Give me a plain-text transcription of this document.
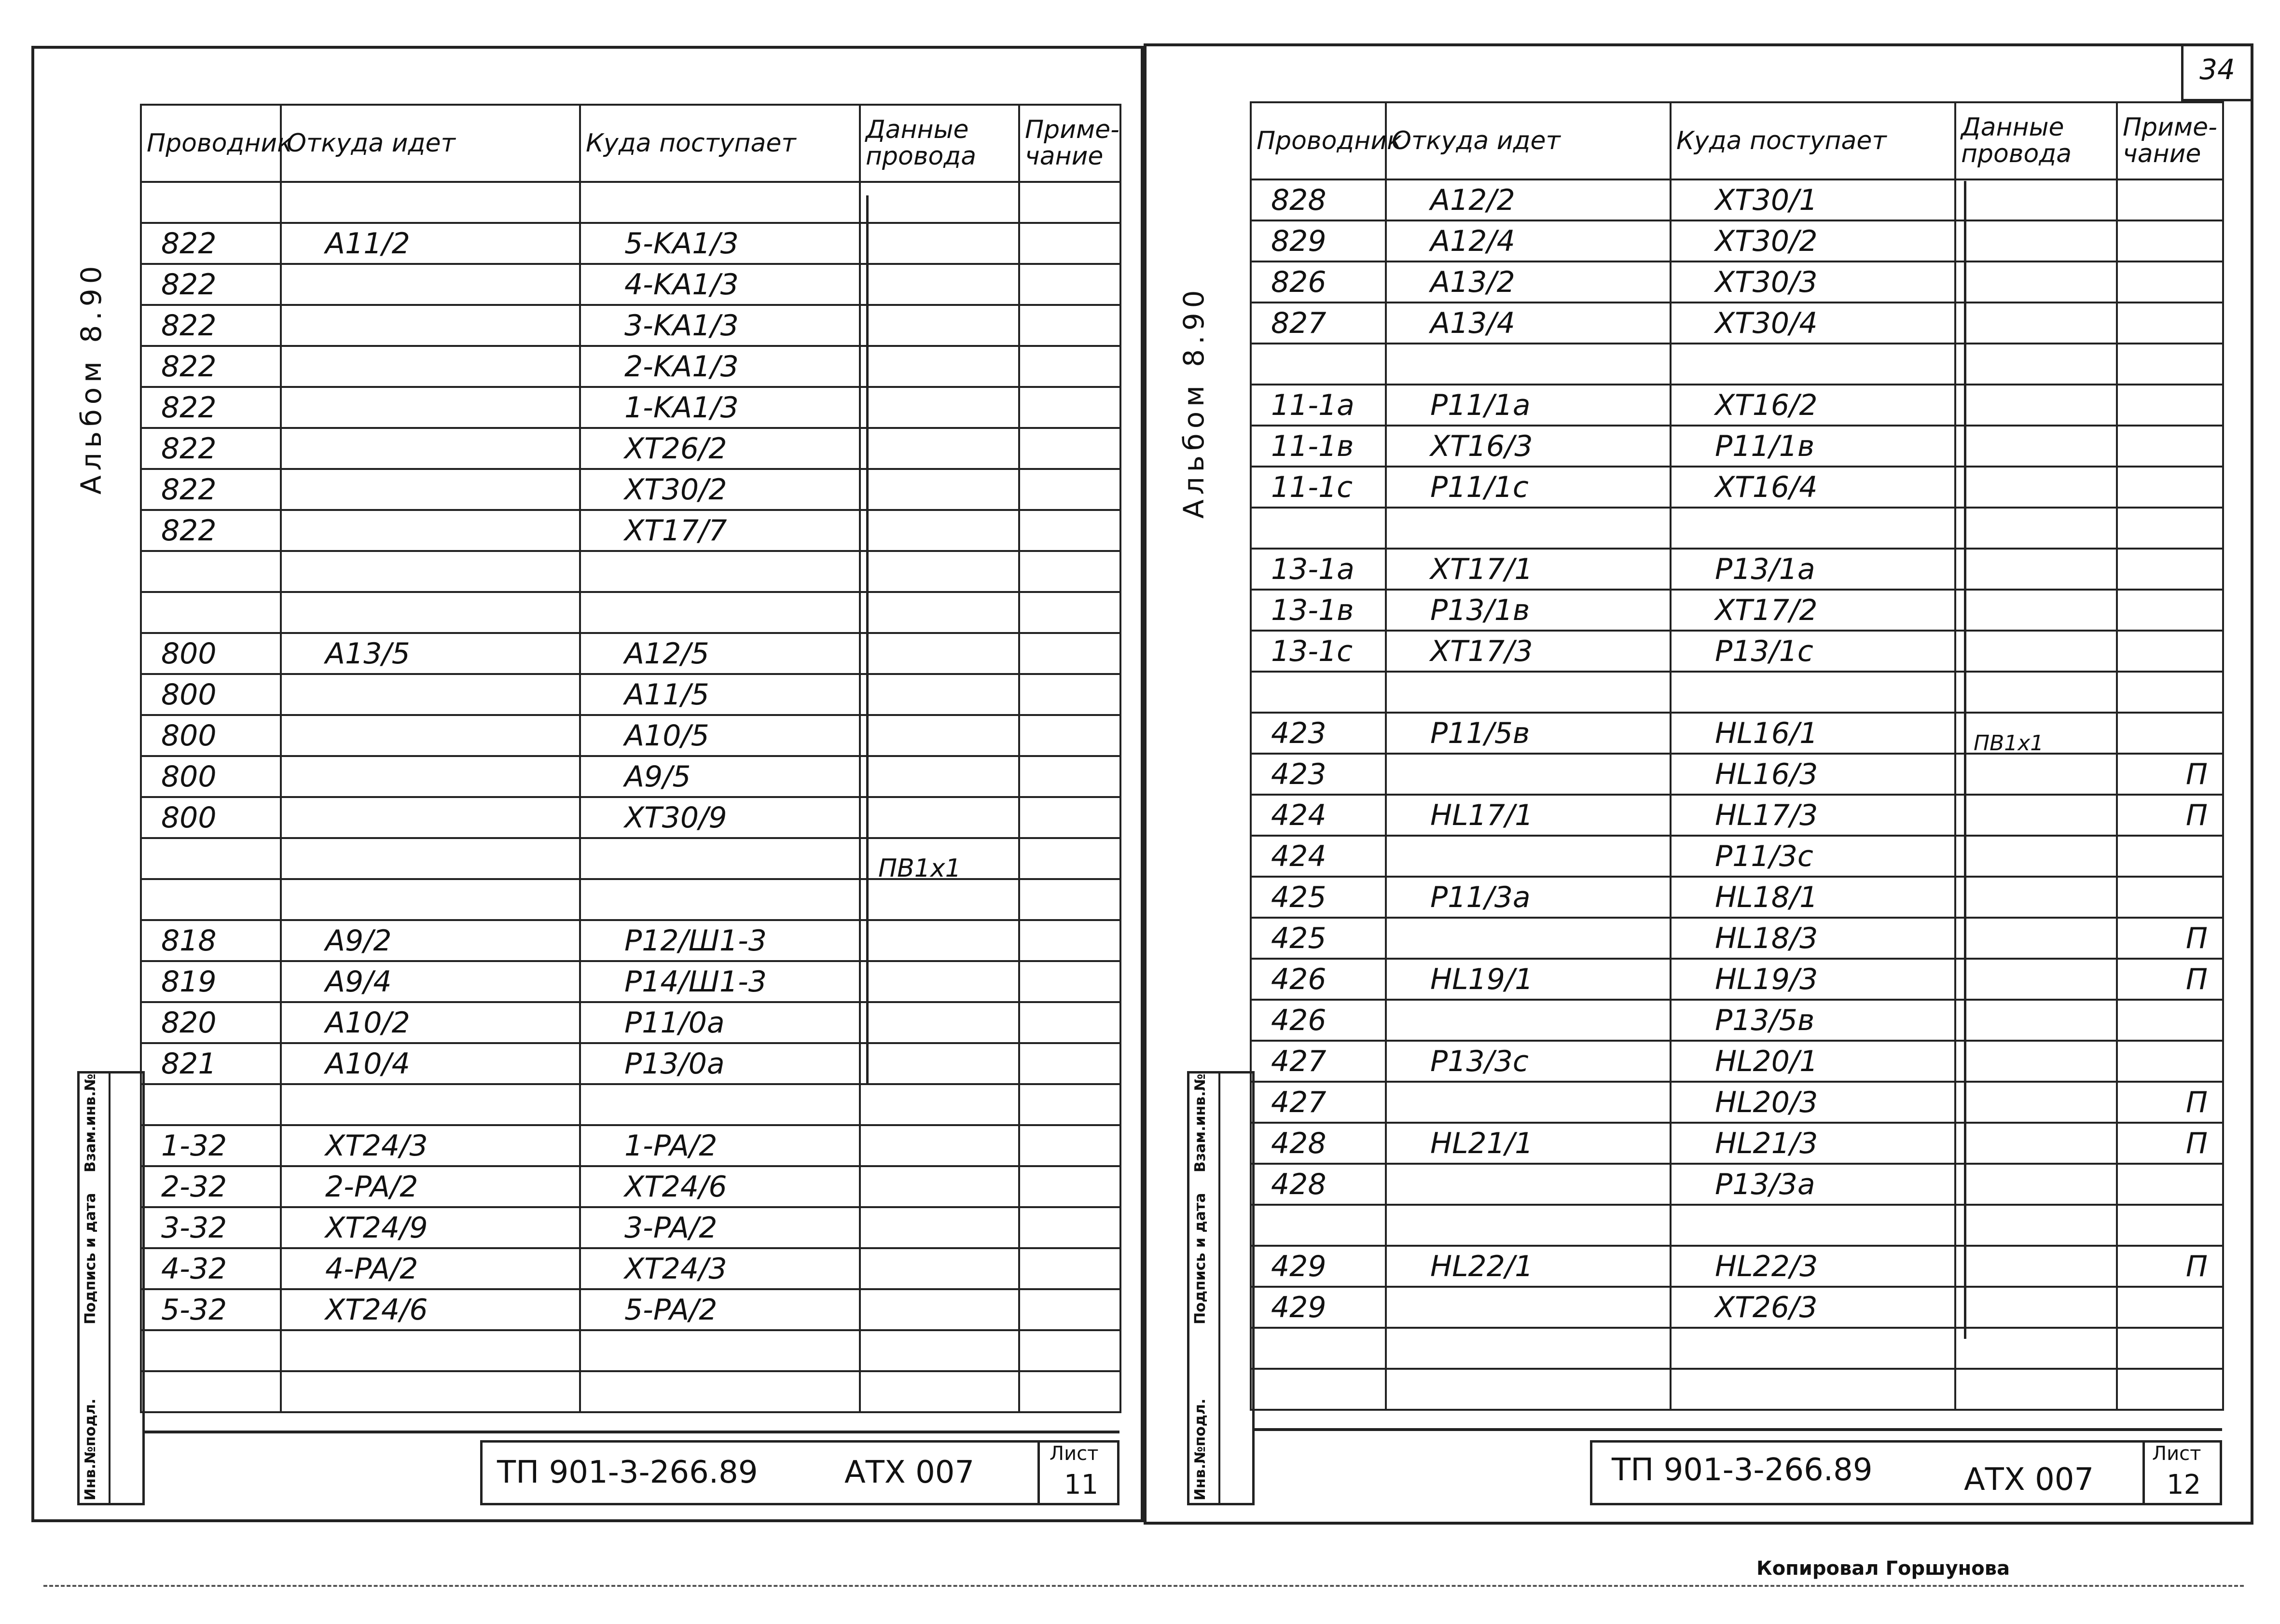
Альбом 8.90
Инв.№подл.
Подпись и дата
Взам.инв.№
Проводник	Откуда идет	Куда поступает	Данные провода	Приме-чание

822	A11/2	5-KA1/3		
822		4-KA1/3		
822		3-KA1/3		
822		2-KA1/3		
822		1-KA1/3		
822		XT26/2		
822		XT30/2		
822		XT17/7		

800	A13/5	A12/5		
800		A11/5		
800		A10/5		
800		A9/5		
800		XT30/9		

818	A9/2	P12/Ш1-3		
819	A9/4	P14/Ш1-3		
820	A10/2	P11/0a		
821	A10/4	P13/0a		

1-32	XT24/3	1-PA/2		
2-32	2-PA/2	XT24/6		
3-32	XT24/9	3-PA/2		
4-32	4-PA/2	XT24/3		
5-32	XT24/6	5-PA/2		

ПВ1х1
ТП 901-3-266.89	АТХ 007
Лист
11
34
Альбом 8.90
Инв.№подл.
Подпись и дата
Взам.инв.№
Проводник	Откуда идет	Куда поступает	Данные провода	Приме-чание
828	A12/2	XT30/1		
829	A12/4	XT30/2		
826	A13/2	XT30/3		
827	A13/4	XT30/4		

11-1a	P11/1a	XT16/2		
11-1в	XT16/3	P11/1в		
11-1c	P11/1c	XT16/4		

13-1a	XT17/1	P13/1a		
13-1в	P13/1в	XT17/2		
13-1c	XT17/3	P13/1c		

423	P11/5в	HL16/1		
423		HL16/3		П
424	HL17/1	HL17/3		П
424		P11/3c		
425	P11/3a	HL18/1		
425		HL18/3		П
426	HL19/1	HL19/3		П
426		P13/5в		
427	P13/3c	HL20/1		
427		HL20/3		П
428	HL21/1	HL21/3		П
428		P13/3a		

429	HL22/1	HL22/3		П
429		XT26/3		

ПВ1х1
ТП 901-3-266.89	АТХ 007
Лист
12
Копировал Горшунова
